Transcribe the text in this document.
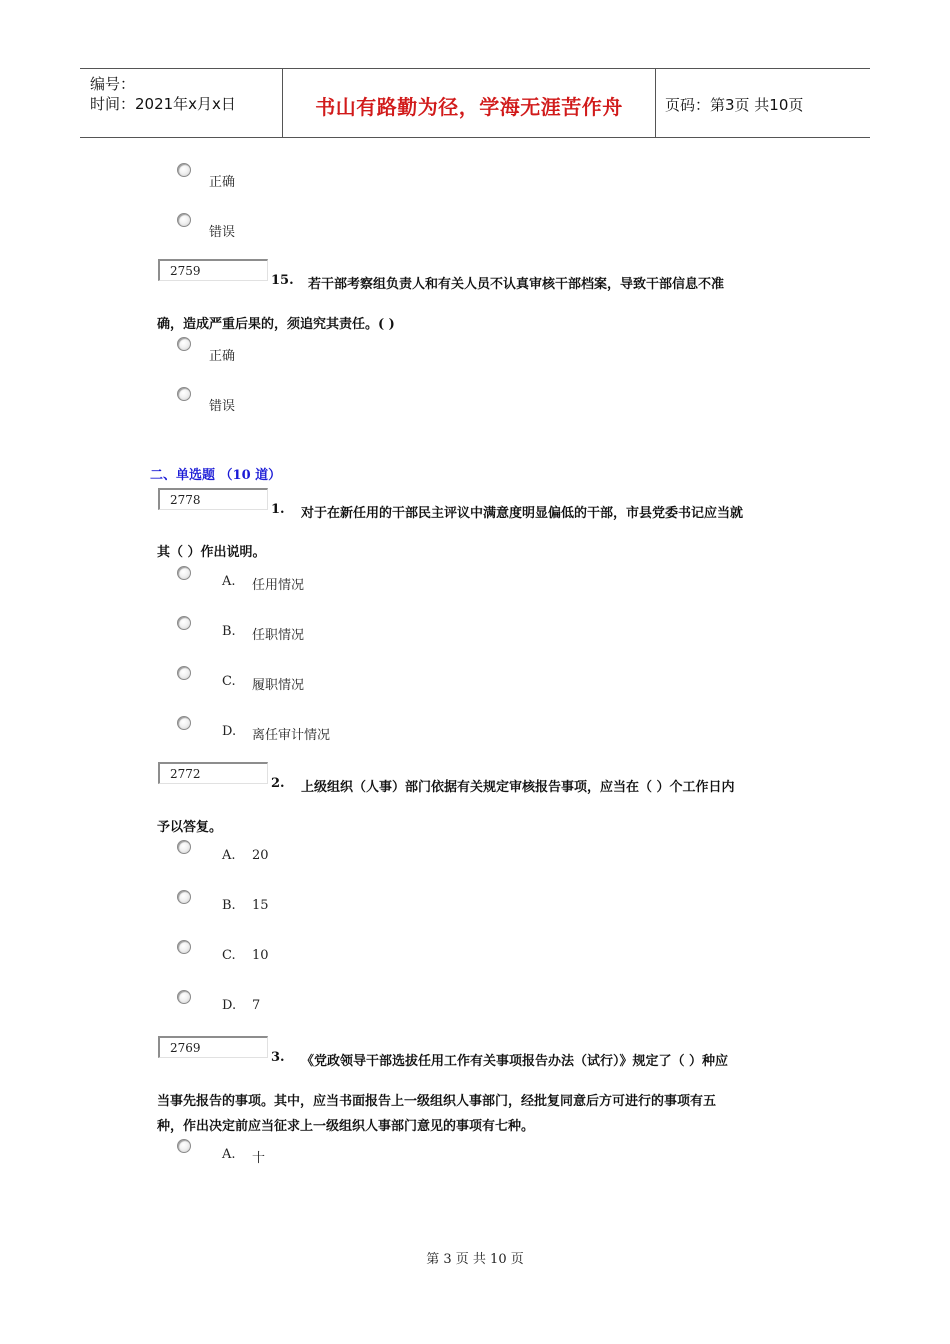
编号：
时间：2021年x月x日	书山有路勤为径，学海无涯苦作舟	页码：第3页 共10页
正确
错误
2759
15. 若干部考察组负责人和有关人员不认真审核干部档案，导致干部信息不准
确，造成严重后果的，须追究其责任。( )
正确
错误
二、单选题 （10 道）
2778
1. 对于在新任用的干部民主评议中满意度明显偏低的干部，市县党委书记应当就
其（ ）作出说明。
A. 任用情况
B. 任职情况
C. 履职情况
D. 离任审计情况
2772
2. 上级组织（人事）部门依据有关规定审核报告事项，应当在（ ）个工作日内
予以答复。
A. 20
B. 15
C. 10
D. 7
2769
3. 《党政领导干部选拔任用工作有关事项报告办法（试行）》规定了（ ）种应
当事先报告的事项。其中，应当书面报告上一级组织人事部门，经批复同意后方可进行的事项有五
种，作出决定前应当征求上一级组织人事部门意见的事项有七种。
A. 十
第 3 页 共 10 页
